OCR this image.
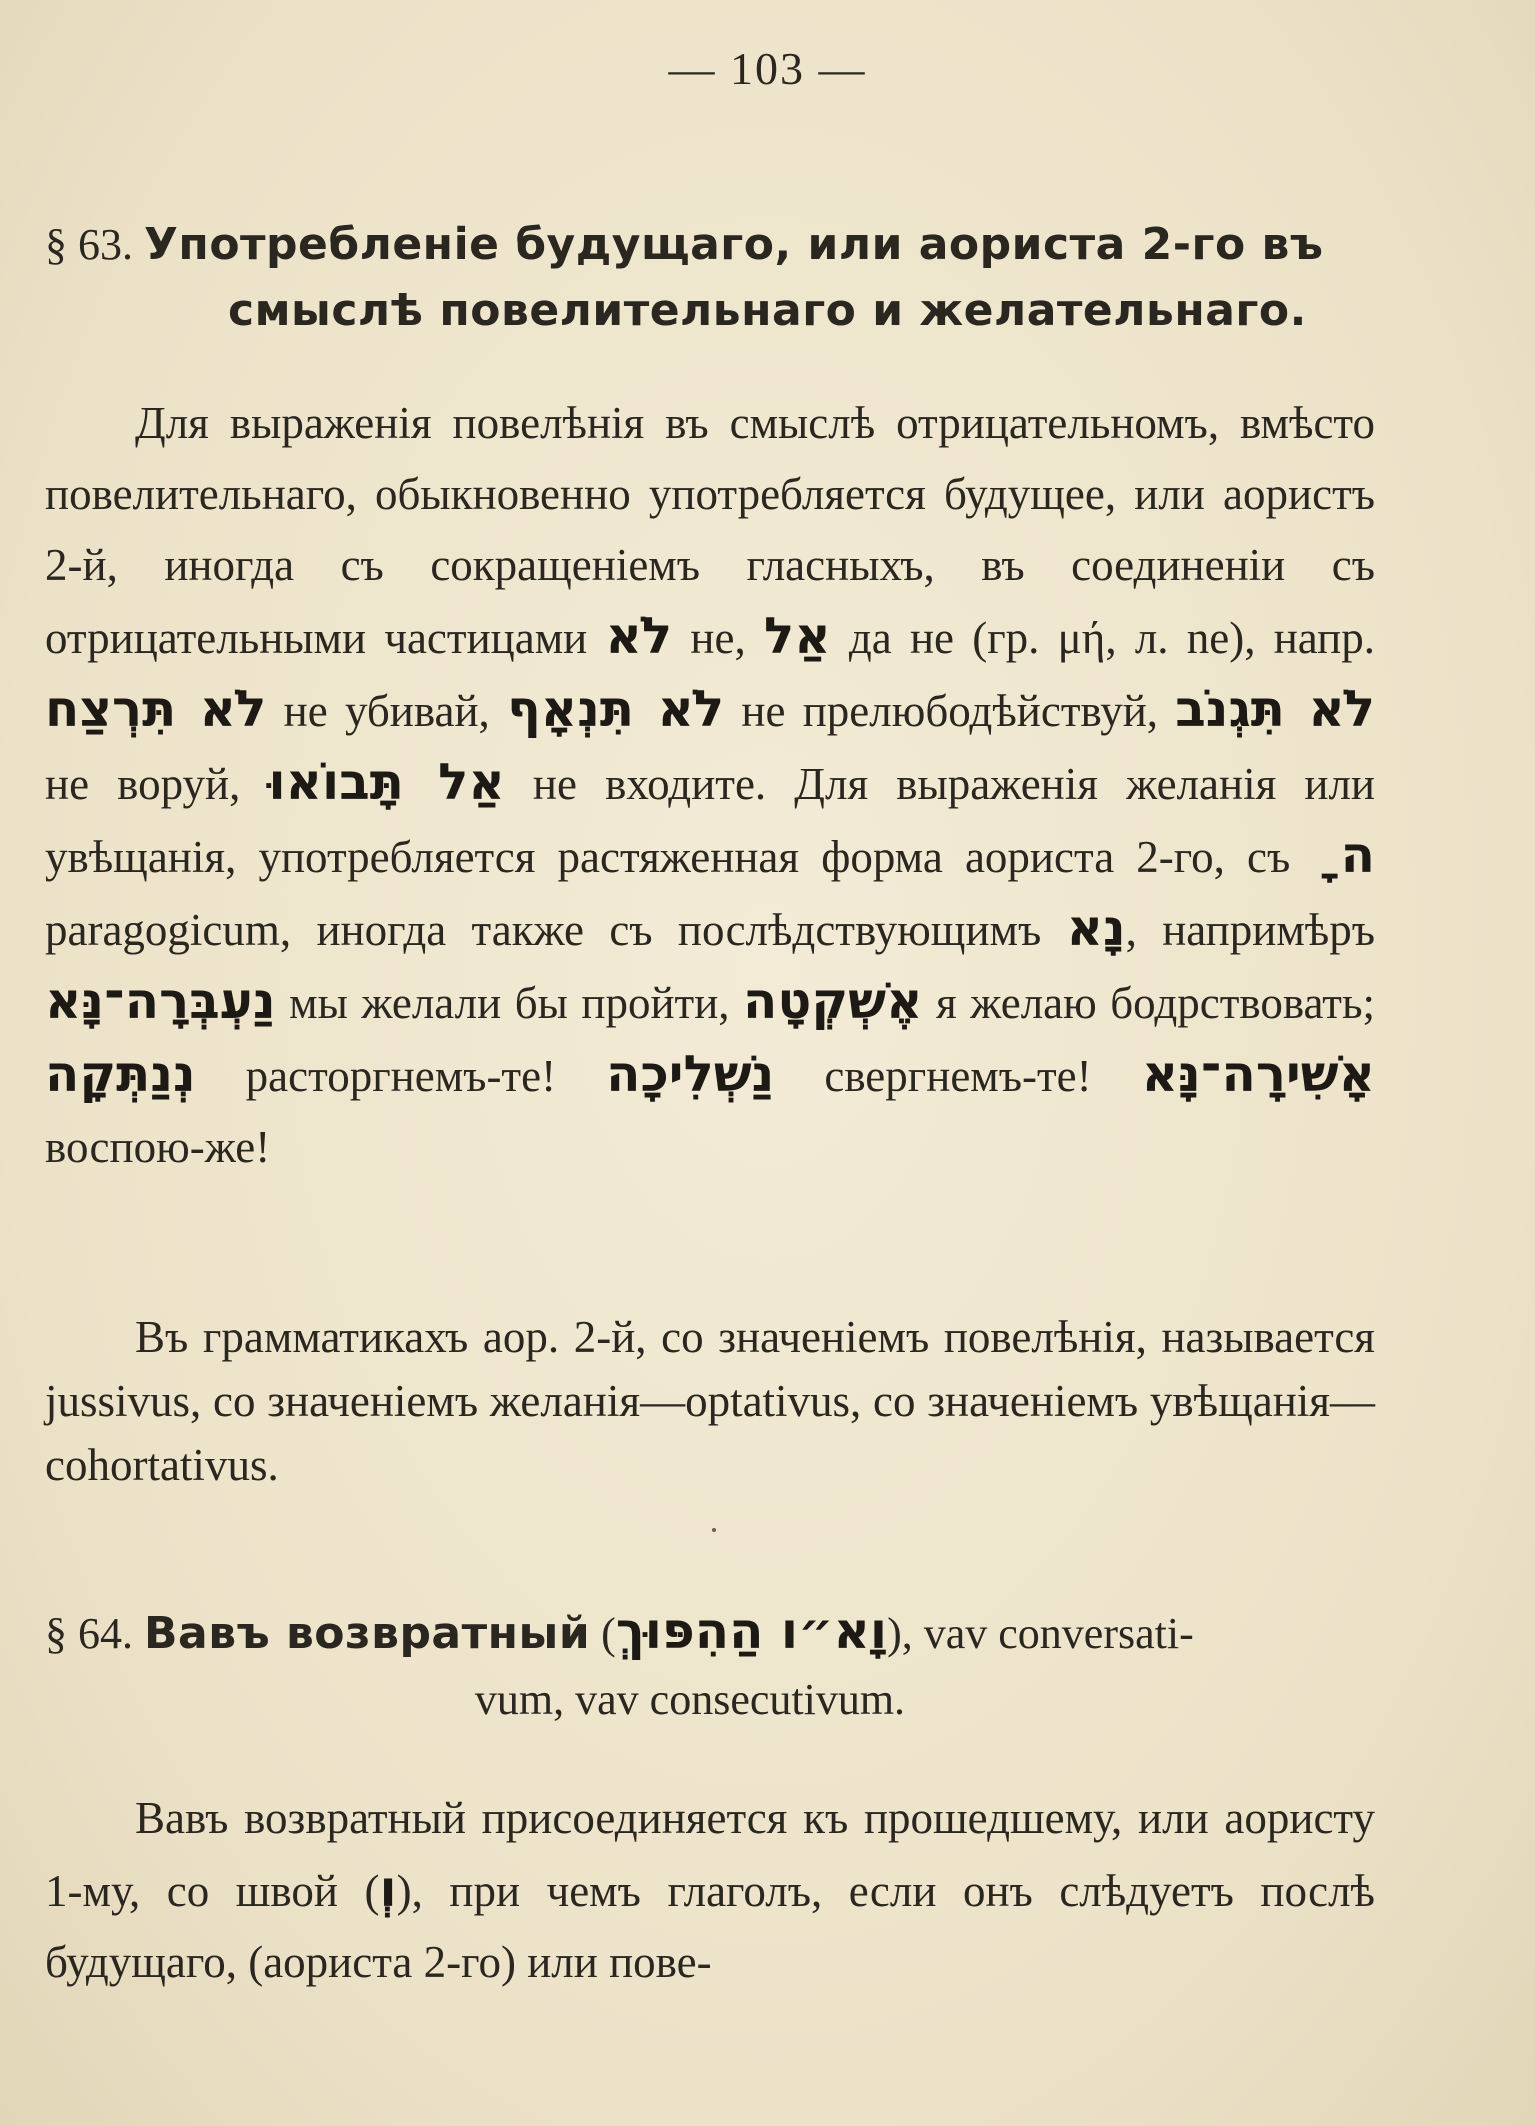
— 103 —
§ 63. Употребленіе будущаго, или аориста 2-го въ
смыслѣ повелительнаго и желательнаго.

Для выраженія повелѣнія въ смыслѣ отрицательномъ, вмѣсто повелительнаго, обыкновенно употребляется будущее, или аористъ 2-й, иногда съ сокращеніемъ гласныхъ, въ соединеніи съ отрицательными частицами לֹא не, אַל да не (гр. μή, л. ne), напр. לֹא תִּרְצַח не убивай, לֹא תִּנְאָף не прелюбодѣйствуй, לֹא תִּגְנֹב не воруй, אַל תָּבוֹאוּ не входите. Для выраженія желанія или увѣщанія, употребляется растяженная форма аориста 2-го, съ ה ָ paragogicum, иногда также съ послѣдствующимъ נָא, напримѣръ נַעְבְּרָה־נָּא мы желали бы пройти, אֶשְׁקְטָה я желаю бодрствовать; נְנַתְּקָה расторгнемъ-те! נַשְׁלִיכָה свергнемъ-те! אָשִׁירָה־נָּא воспою-же!

Въ грамматикахъ аор. 2-й, со значеніемъ повелѣнія, называется jussivus, со значеніемъ желанія—optativus, со значеніемъ увѣщанія—cohortativus.

§ 64. Вавъ возвратный (וָא״ו הַהִפּוּךְ), vav conversati-
vum, vav consecutivum.

Вавъ возвратный присоединяется къ прошедшему, или аористу 1-му, со швой (וְ), при чемъ глаголъ, если онъ слѣдуетъ послѣ будущаго, (аориста 2-го) или пове-
